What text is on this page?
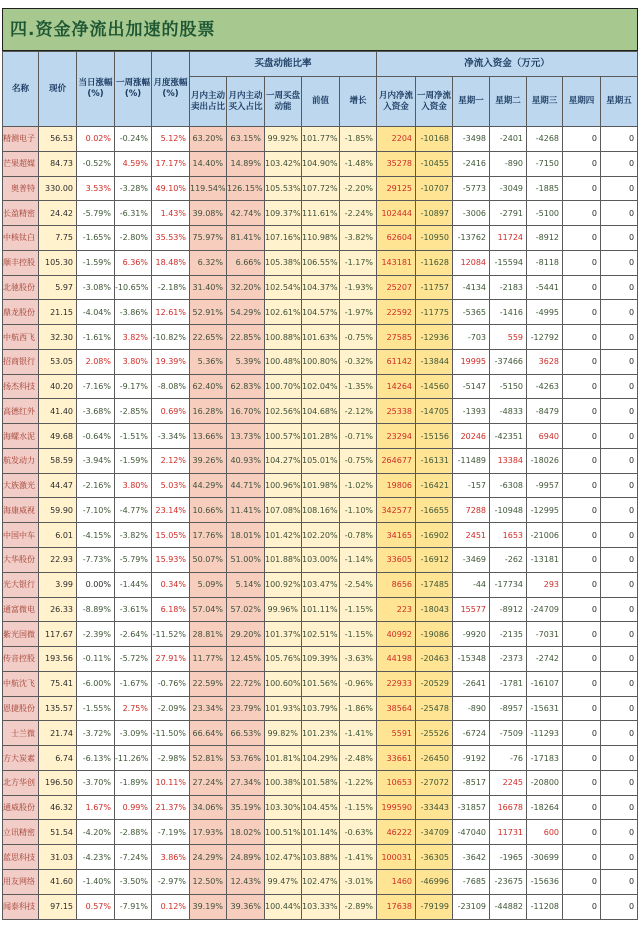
四.资金净流出加速的股票
名称	现价	当日涨幅 (%)	一周涨幅 (%)	月度涨幅 (%)	买盘动能比率					净流入资金（万元）						
					月内主动卖出占比	月内主动买入占比	一周买盘动能	前值	增长	月内净流入资金	一周净流入资金	星期一	星期二	星期三	星期四	星期五
精测电子	56.53	0.02%	-0.24%	5.12%	63.20%	63.15%	99.92%	101.77%	-1.85%	2204	-10168	-3498	-2401	-4268	0	0
芒果超媒	84.73	-0.52%	4.59%	17.17%	14.40%	14.89%	103.42%	104.90%	-1.48%	35278	-10455	-2416	-890	-7150	0	0
奥普特	330.00	3.53%	-3.28%	49.10%	119.54%	126.15%	105.53%	107.72%	-2.20%	29125	-10707	-5773	-3049	-1885	0	0
长盈精密	24.42	-5.79%	-6.31%	1.43%	39.08%	42.74%	109.37%	111.61%	-2.24%	102444	-10897	-3006	-2791	-5100	0	0
中核钛白	7.75	-1.65%	-2.80%	35.53%	75.97%	81.41%	107.16%	110.98%	-3.82%	62604	-10950	-13762	11724	-8912	0	0
顺丰控股	105.30	-1.59%	6.36%	18.48%	6.32%	6.66%	105.38%	106.55%	-1.17%	143181	-11628	12084	-15594	-8118	0	0
北驰股份	5.97	-3.08%	-10.65%	-2.18%	31.40%	32.20%	102.54%	104.37%	-1.93%	25207	-11757	-4134	-2183	-5441	0	0
鼎龙股份	21.15	-4.04%	-3.86%	12.61%	52.91%	54.29%	102.61%	104.57%	-1.97%	22592	-11775	-5365	-1416	-4995	0	0
中航西飞	32.30	-1.61%	3.82%	-10.82%	22.65%	22.85%	100.88%	101.63%	-0.75%	27585	-12936	-703	559	-12792	0	0
招商银行	53.05	2.08%	3.80%	19.39%	5.36%	5.39%	100.48%	100.80%	-0.32%	61142	-13844	19995	-37466	3628	0	0
扬杰科技	40.20	-7.16%	-9.17%	-8.08%	62.40%	62.83%	100.70%	102.04%	-1.35%	14264	-14560	-5147	-5150	-4263	0	0
高德红外	41.40	-3.68%	-2.85%	0.69%	16.28%	16.70%	102.56%	104.68%	-2.12%	25338	-14705	-1393	-4833	-8479	0	0
海螺水泥	49.68	-0.64%	-1.51%	-3.34%	13.66%	13.73%	100.57%	101.28%	-0.71%	23294	-15156	20246	-42351	6940	0	0
航发动力	58.59	-3.94%	-1.59%	2.12%	39.26%	40.93%	104.27%	105.01%	-0.75%	264677	-16131	-11489	13384	-18026	0	0
大族激光	44.47	-2.16%	3.80%	5.03%	44.29%	44.71%	100.96%	101.98%	-1.02%	19806	-16421	-157	-6308	-9957	0	0
海康威视	59.90	-7.10%	-4.77%	23.14%	10.66%	11.41%	107.08%	108.16%	-1.10%	342577	-16655	7288	-10948	-12995	0	0
中国中车	6.01	-4.15%	-3.82%	15.05%	17.76%	18.01%	101.42%	102.20%	-0.78%	34165	-16902	2451	1653	-21006	0	0
大华股份	22.93	-7.73%	-5.79%	15.93%	50.07%	51.00%	101.88%	103.00%	-1.14%	33605	-16912	-3469	-262	-13181	0	0
光大银行	3.99	0.00%	-1.44%	0.34%	5.09%	5.14%	100.92%	103.47%	-2.54%	8656	-17485	-44	-17734	293	0	0
通富微电	26.33	-8.89%	-3.61%	6.18%	57.04%	57.02%	99.96%	101.11%	-1.15%	223	-18043	15577	-8912	-24709	0	0
紫光国微	117.67	-2.39%	-2.64%	-11.52%	28.81%	29.20%	101.37%	102.51%	-1.15%	40992	-19086	-9920	-2135	-7031	0	0
传音控股	193.56	-0.11%	-5.72%	27.91%	11.77%	12.45%	105.76%	109.39%	-3.63%	44198	-20463	-15348	-2373	-2742	0	0
中航沈飞	75.41	-6.00%	-1.67%	-0.76%	22.59%	22.72%	100.60%	101.56%	-0.96%	22933	-20529	-2641	-1781	-16107	0	0
恩捷股份	135.57	-1.55%	2.75%	-2.09%	23.34%	23.79%	101.93%	103.79%	-1.86%	38564	-25478	-890	-8957	-15631	0	0
士兰微	21.74	-3.72%	-3.09%	-11.50%	66.64%	66.53%	99.82%	101.23%	-1.41%	5591	-25526	-6724	-7509	-11293	0	0
方大炭素	6.74	-6.13%	-11.26%	-2.98%	52.81%	53.76%	101.81%	104.29%	-2.48%	33661	-26450	-9192	-76	-17183	0	0
北方华创	196.50	-3.70%	-1.89%	10.11%	27.24%	27.34%	100.38%	101.58%	-1.22%	10653	-27072	-8517	2245	-20800	0	0
通威股份	46.32	1.67%	0.99%	21.37%	34.06%	35.19%	103.30%	104.45%	-1.15%	199590	-33443	-31857	16678	-18264	0	0
立讯精密	51.54	-4.20%	-2.88%	-7.19%	17.93%	18.02%	100.51%	101.14%	-0.63%	46222	-34709	-47040	11731	600	0	0
蓝思科技	31.03	-4.23%	-7.24%	3.86%	24.29%	24.89%	102.47%	103.88%	-1.41%	100031	-36305	-3642	-1965	-30699	0	0
用友网络	41.60	-1.40%	-3.50%	-2.97%	12.50%	12.43%	99.47%	102.47%	-3.01%	1460	-46996	-7685	-23675	-15636	0	0
闻泰科技	97.15	0.57%	-7.91%	0.12%	39.19%	39.36%	100.44%	103.33%	-2.89%	17638	-79199	-23109	-44882	-11208	0	0
